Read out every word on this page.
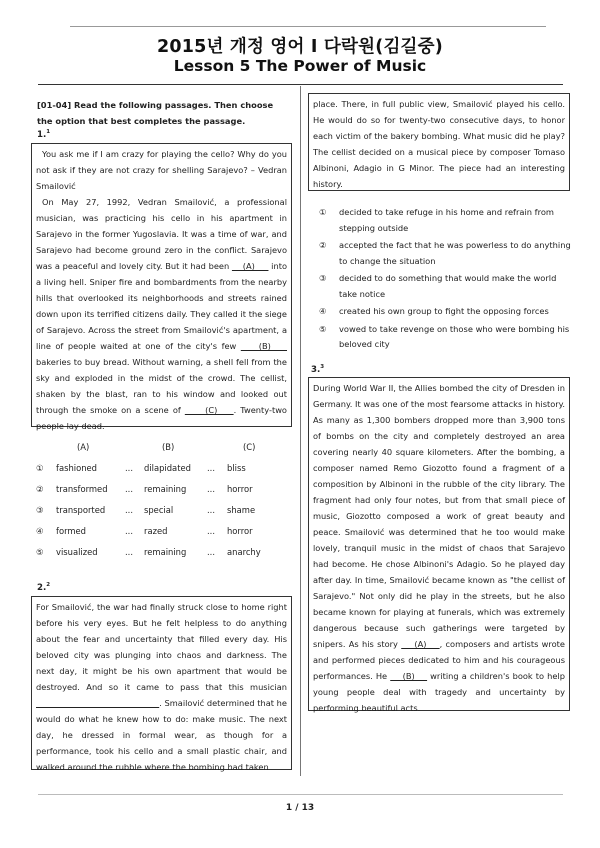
2015년 개정 영어 I 다락원(김길중)
Lesson 5 The Power of Music
[01-04] Read the following passages. Then choose the option that best completes the passage.
1.$^1$

You ask me if I am crazy for playing the cello? Why do you not ask if they are not crazy for shelling Sarajevo? – Vedran Smailović

On May 27, 1992, Vedran Smailović, a professional musician, was practicing his cello in his apartment in Sarajevo in the former Yugoslavia. It was a time of war, and Sarajevo had become ground zero in the conflict. Sarajevo was a peaceful and lovely city. But it had been     (A)      into a living hell. Sniper fire and bombardments from the nearby hills that overlooked its neighborhoods and streets rained down upon its terrified citizens daily. They called it the siege of Sarajevo. Across the street from Smailović's apartment, a line of people waited at one of the city's few     (B)     bakeries to buy bread. Without warning, a shell fell from the sky and exploded in the midst of the crowd. The cellist, shaken by the blast, ran to his window and looked out through the smoke on a scene of      (C)    . Twenty-two people lay dead.

(A)	(B)	(C)
① fashioned	... dilapidated ... bliss
② transformed ... remaining ... horror
③ transported ... special	... shame
④ formed	... razed	... horror
⑤ visualized	... remaining ... anarchy
2.$^2$

For Smailović, the war had finally struck close to home right before his very eyes. But he felt helpless to do anything about the fear and uncertainty that filled every day. His beloved city was plunging into chaos and darkness. The next day, it might be his own apartment that would be destroyed. And so it came to pass that this musician                                               . Smailović determined that he would do what he knew how to do: make music. The next day, he dressed in formal wear, as though for a performance, took his cello and a small plastic chair, and walked around the rubble where the bombing had taken

place. There, in full public view, Smailović played his cello. He would do so for twenty-two consecutive days, to honor each victim of the bakery bombing. What music did he play? The cellist decided on a musical piece by composer Tomaso Albinoni, Adagio in G Minor. The piece had an interesting history.

① decided to take refuge in his home and refrain from stepping outside
② accepted the fact that he was powerless to do anything to change the situation
③ decided to do something that would make the world take notice
④ created his own group to fight the opposing forces
⑤ vowed to take revenge on those who were bombing his beloved city
3.$^3$

During World War II, the Allies bombed the city of Dresden in Germany. It was one of the most fearsome attacks in history. As many as 1,300 bombers dropped more than 3,900 tons of bombs on the city and completely destroyed an area covering nearly 40 square kilometers. After the bombing, a composer named Remo Giozotto found a fragment of a composition by Albinoni in the rubble of the city library. The fragment had only four notes, but from that small piece of music, Giozotto composed a work of great beauty and peace. Smailović was determined that he too would make lovely, tranquil music in the midst of chaos that Sarajevo had become. He chose Albinoni's Adagio. So he played day after day. In time, Smailović became known as "the cellist of Sarajevo." Not only did he play in the streets, but he also became known for playing at funerals, which was extremely dangerous because such gatherings were targeted by snipers. As his story     (A)    , composers and artists wrote and performed pieces dedicated to him and his courageous performances. He     (B)     writing a children's book to help young people deal with tragedy and uncertainty by performing beautiful acts.

1 / 13
